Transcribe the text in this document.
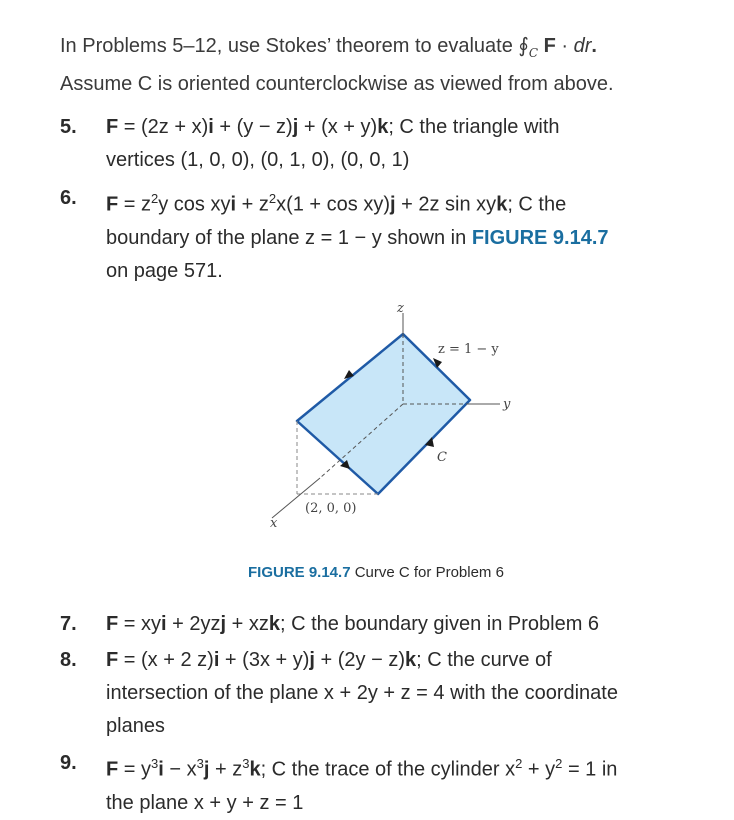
In Problems 5–12, use Stokes’ theorem to evaluate $∮_C$ F · dr.
Assume C is oriented counterclockwise as viewed from above.
5. F = (2z + x)i + (y − z)j + (x + y)k; C the triangle with
vertices (1, 0, 0), (0, 1, 0), (0, 0, 1)
6. $F = z^2y$ cos xyi + $z^2x(1 + \cos xy)j + 2z$ sin xyk; C the
boundary of the plane z = 1 − y shown in FIGURE 9.14.7
on page 571.
z
z = 1 − y
y
C
(2, 0, 0)
x
FIGURE 9.14.7 Curve C for Problem 6
7. F = xyi + 2yzj + xzk; C the boundary given in Problem 6
8. F = (x + 2 z)i + (3x + y)j + (2y − z)k; C the curve of
intersection of the plane x + 2y + z = 4 with the coordinate
planes
9. $F = y^3i - x^3j + z^3k$; C the trace of the cylinder $x^2 + y^2 = 1$ in
the plane x + y + z = 1
